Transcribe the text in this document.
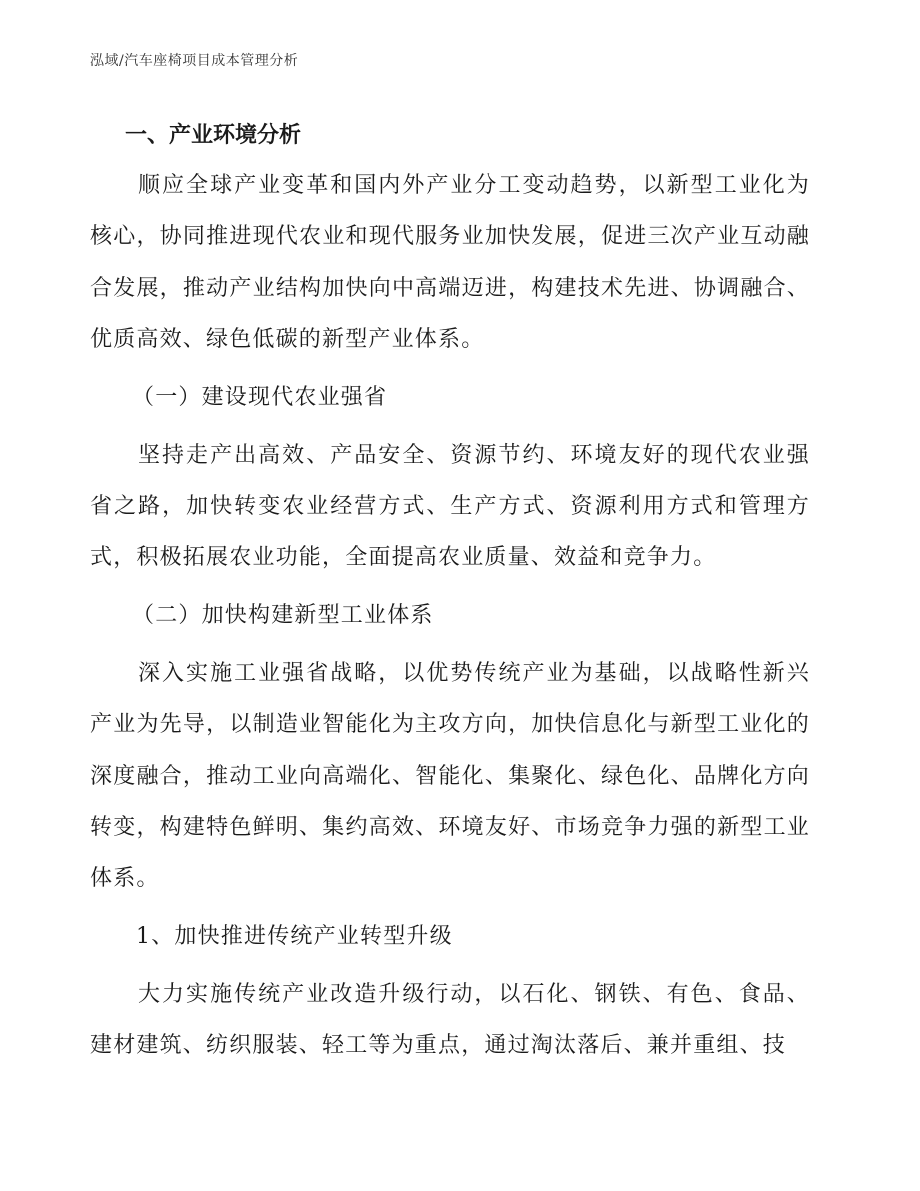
泓域/汽车座椅项目成本管理分析

一、产业环境分析

顺应全球产业变革和国内外产业分工变动趋势，以新型工业化为核心，协同推进现代农业和现代服务业加快发展，促进三次产业互动融合发展，推动产业结构加快向中高端迈进，构建技术先进、协调融合、优质高效、绿色低碳的新型产业体系。

（一）建设现代农业强省

坚持走产出高效、产品安全、资源节约、环境友好的现代农业强省之路，加快转变农业经营方式、生产方式、资源利用方式和管理方式，积极拓展农业功能，全面提高农业质量、效益和竞争力。

（二）加快构建新型工业体系

深入实施工业强省战略，以优势传统产业为基础，以战略性新兴产业为先导，以制造业智能化为主攻方向，加快信息化与新型工业化的深度融合，推动工业向高端化、智能化、集聚化、绿色化、品牌化方向转变，构建特色鲜明、集约高效、环境友好、市场竞争力强的新型工业体系。

1、加快推进传统产业转型升级

大力实施传统产业改造升级行动，以石化、钢铁、有色、食品、建材建筑、纺织服装、轻工等为重点，通过淘汰落后、兼并重组、技
